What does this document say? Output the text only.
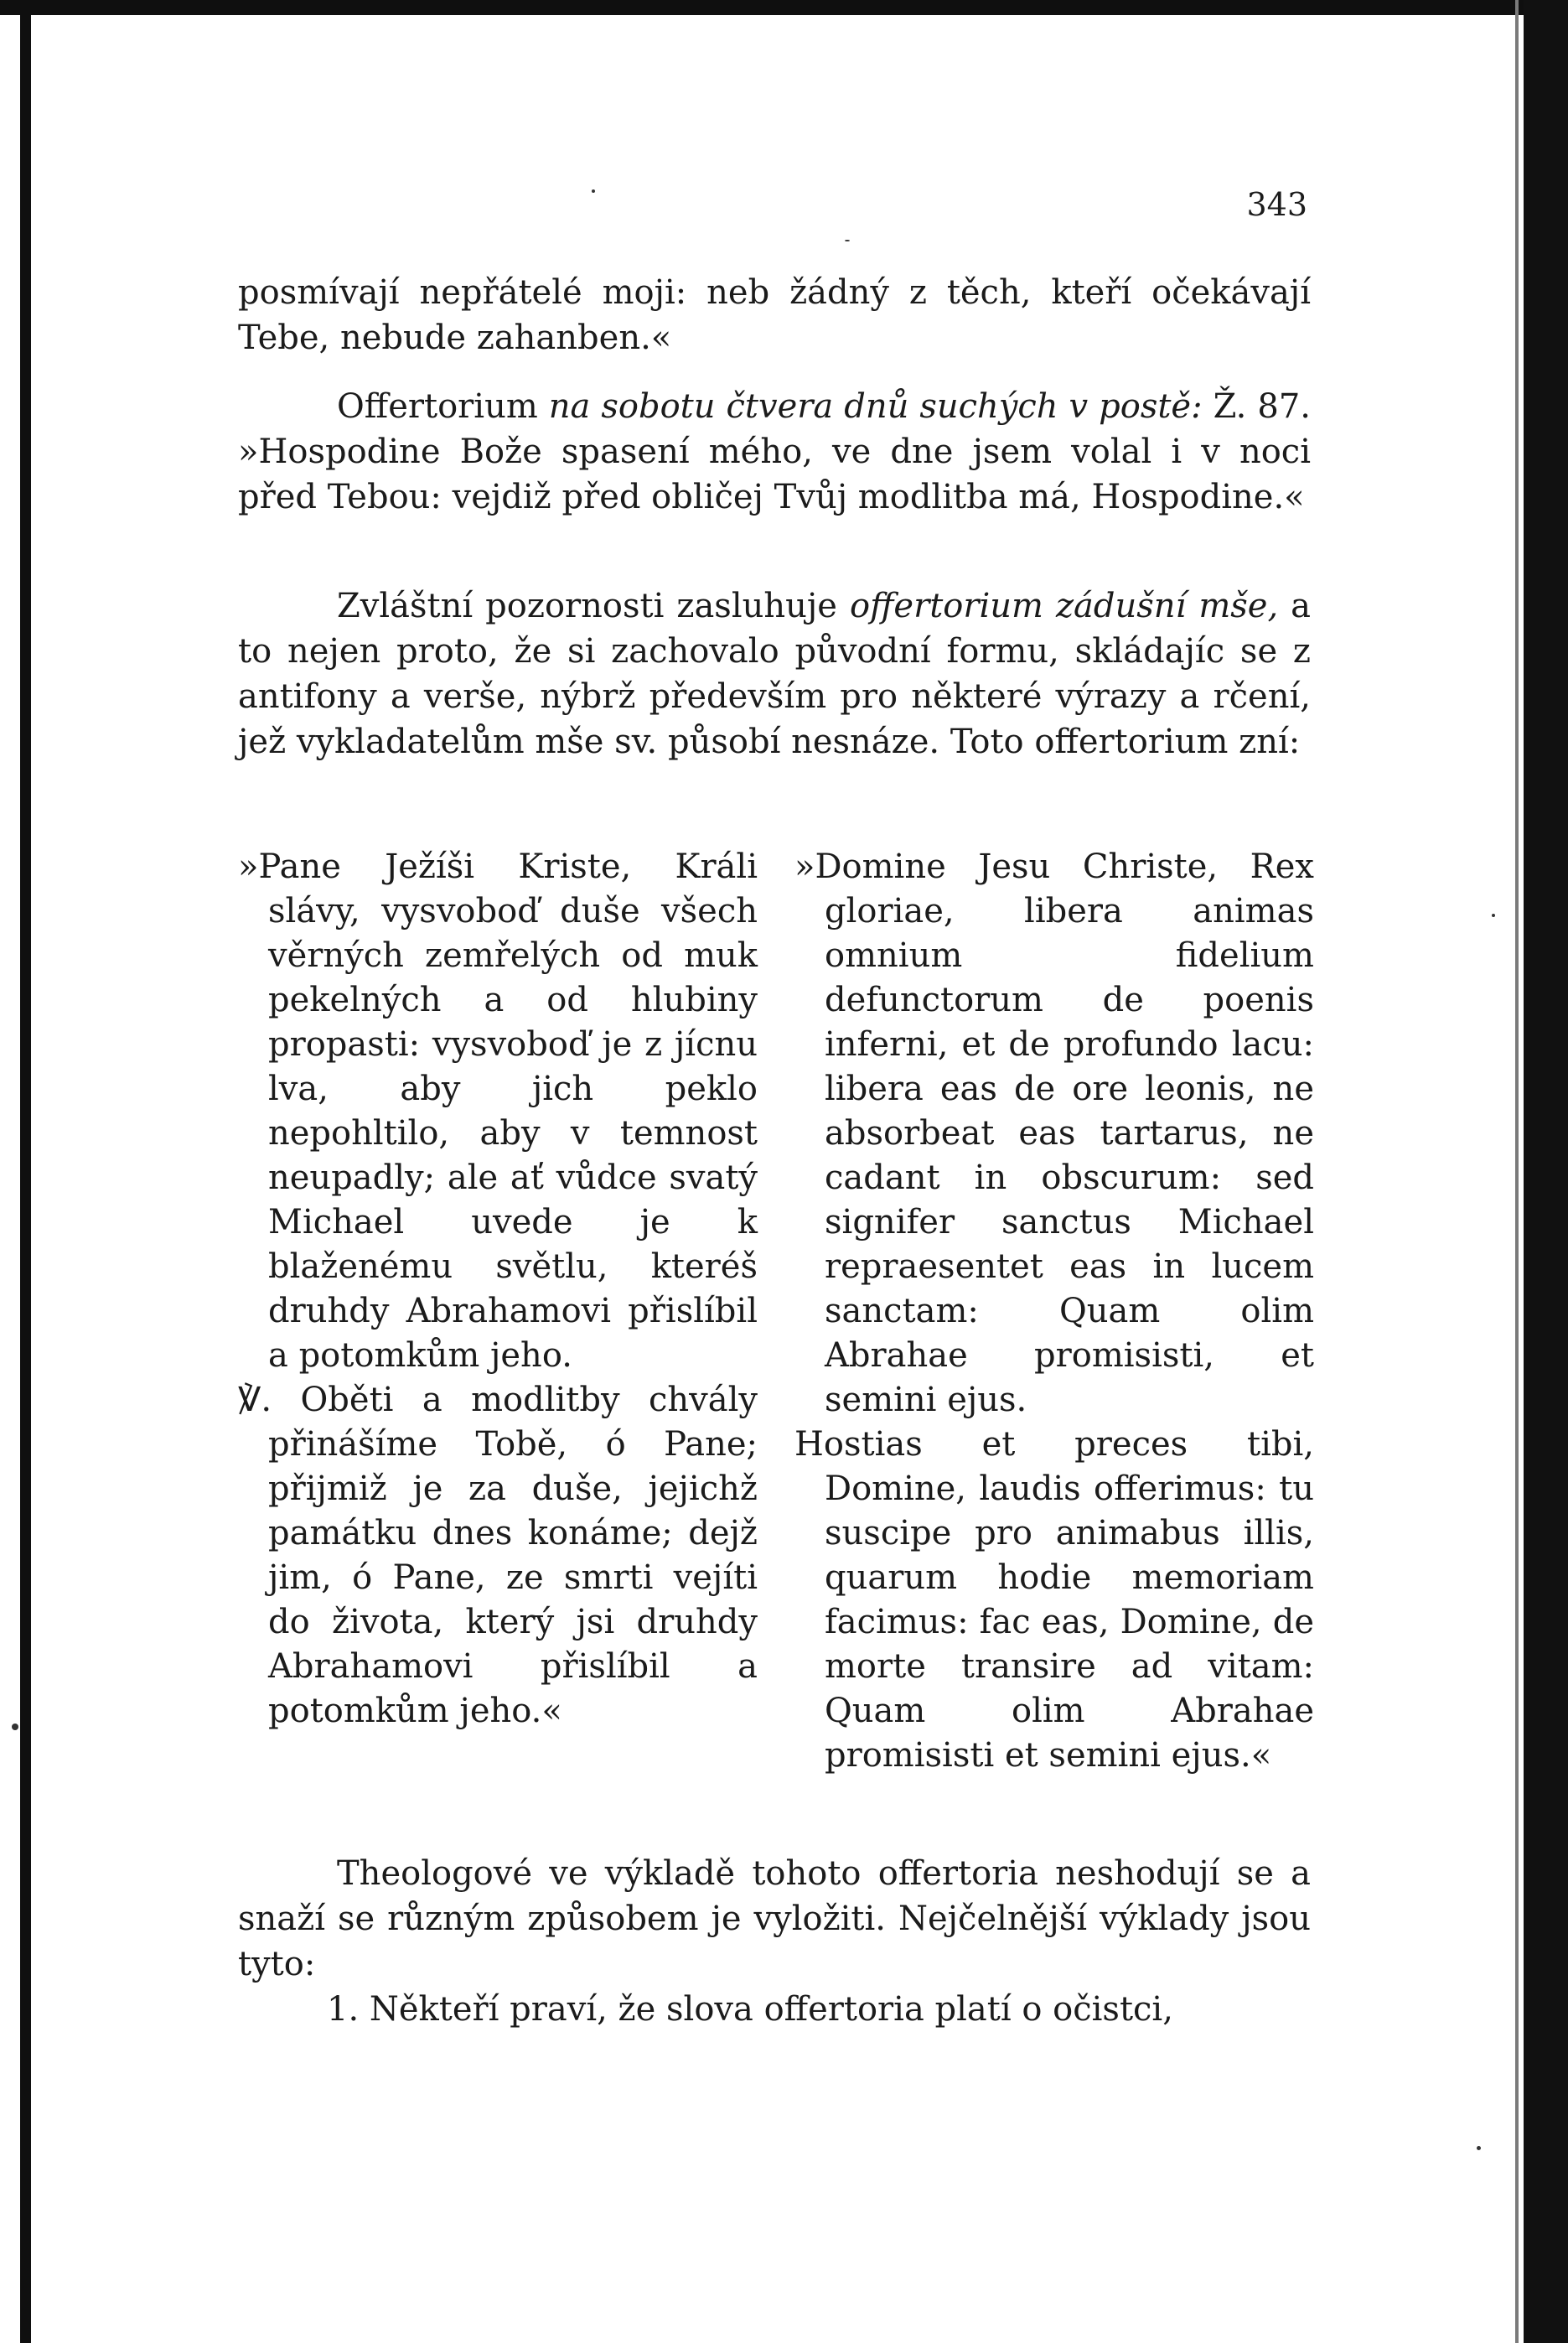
343

posmívají nepřátelé moji: neb žádný z těch, kteří očekávají Tebe, nebude zahanben.«

Offertorium na sobotu čtvera dnů suchých v postě: Ž. 87. »Hospodine Bože spasení mého, ve dne jsem volal i v noci před Tebou: vejdiž před obličej Tvůj modlitba má, Hospodine.«

Zvláštní pozornosti zasluhuje offertorium zádušní mše, a to nejen proto, že si zachovalo původní formu, skládajíc se z antifony a verše, nýbrž především pro některé výrazy a rčení, jež vykladatelům mše sv. působí nesnáze. Toto offertorium zní:

»Pane Ježíši Kriste, Králi slávy, vysvoboď duše všech věrných zemřelých od muk pekelných a od hlubiny propasti: vysvoboď je z jícnu lva, aby jich peklo nepohltilo, aby v temnost neupadly; ale ať vůdce svatý Michael uvede je k blaženému světlu, kteréš druhdy Abrahamovi přislíbil a potomkům jeho.

℣. Oběti a modlitby chvály přinášíme Tobě, ó Pane; přijmiž je za duše, jejichž památku dnes konáme; dejž jim, ó Pane, ze smrti vejíti do života, který jsi druhdy Abrahamovi přislíbil a potomkům jeho.«

»Domine Jesu Christe, Rex gloriae, libera animas omnium fidelium defunctorum de poenis inferni, et de profundo lacu: libera eas de ore leonis, ne absorbeat eas tartarus, ne cadant in obscurum: sed signifer sanctus Michael repraesentet eas in lucem sanctam: Quam olim Abrahae promisisti, et semini ejus.

Hostias et preces tibi, Domine, laudis offerimus: tu suscipe pro animabus illis, quarum hodie memoriam facimus: fac eas, Domine, de morte transire ad vitam: Quam olim Abrahae promisisti et semini ejus.«

Theologové ve výkladě tohoto offertoria neshodují se a snaží se různým způsobem je vyložiti. Nejčelnější výklady jsou tyto:

1. Někteří praví, že slova offertoria platí o očistci,
